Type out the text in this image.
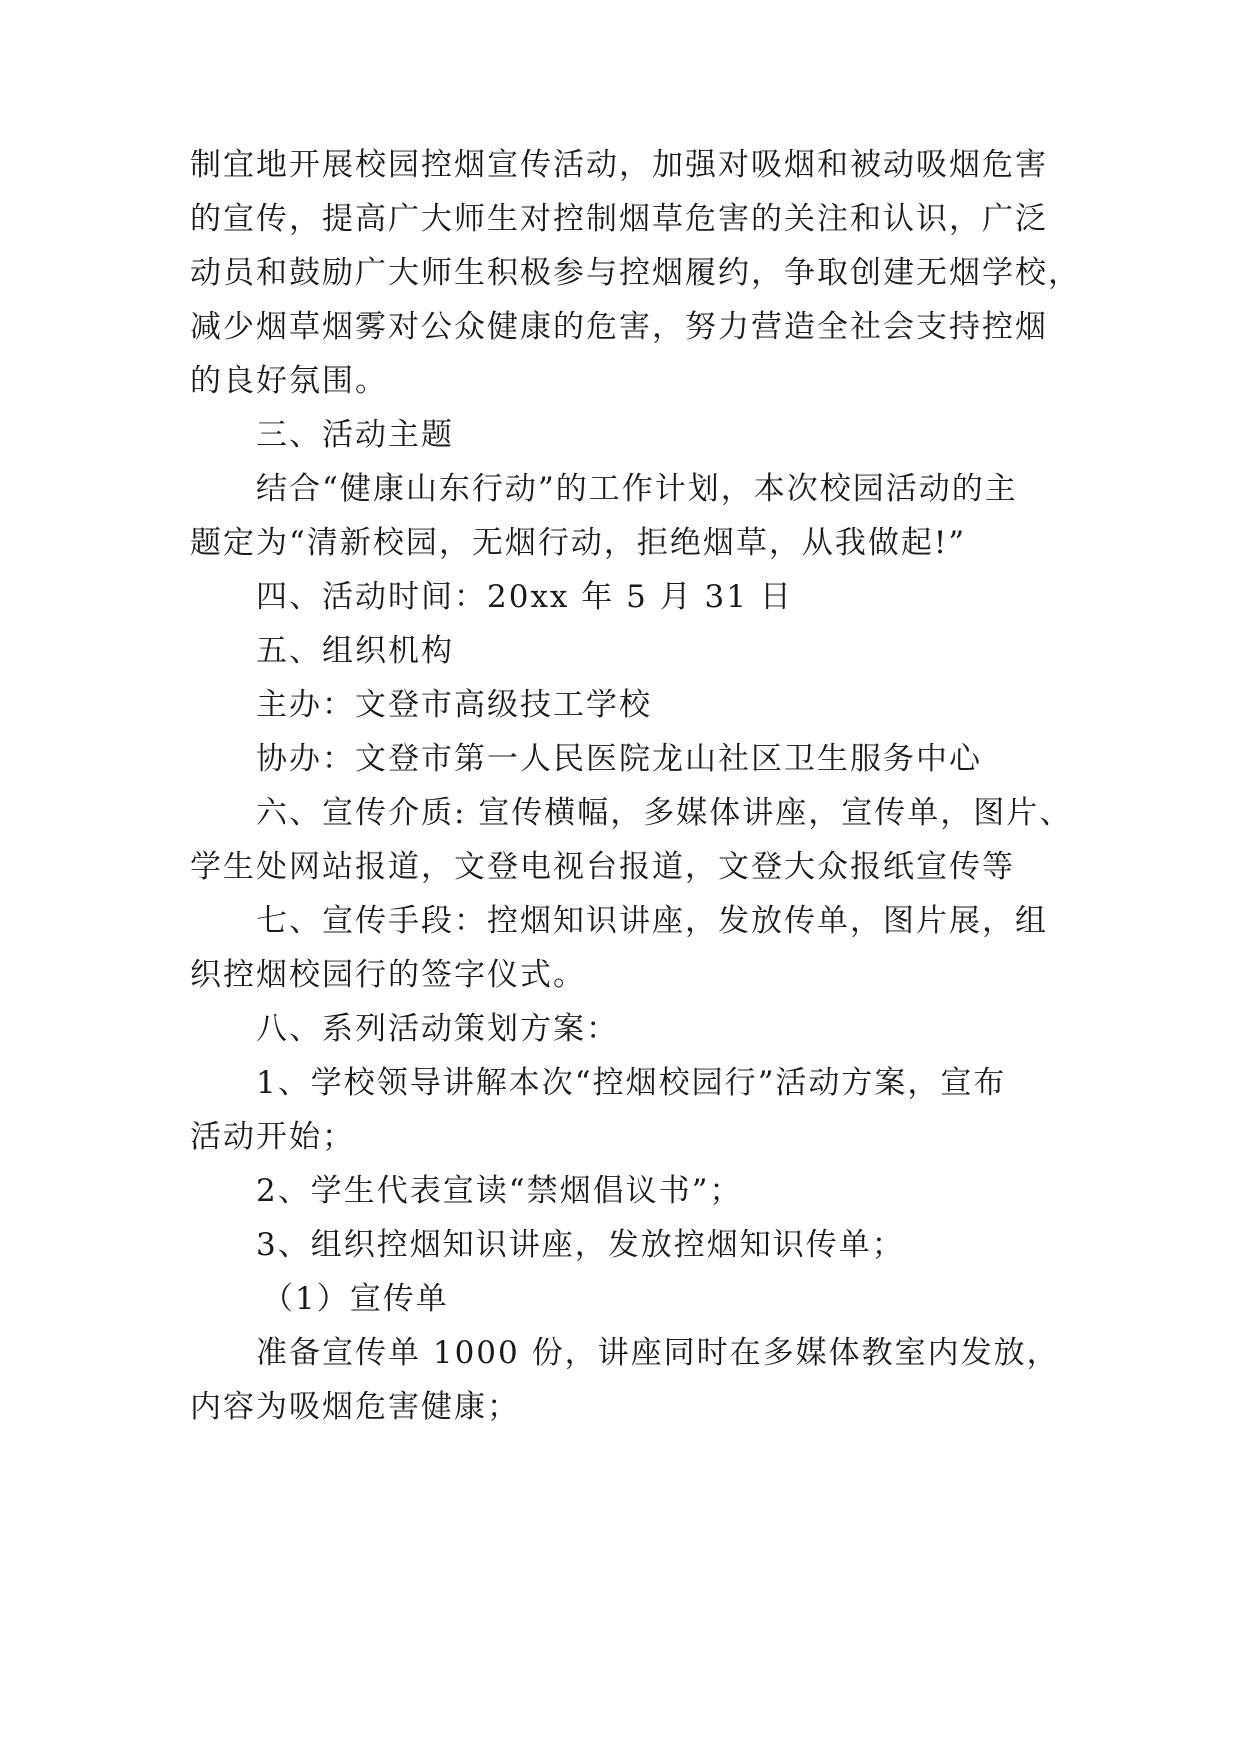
制宜地开展校园控烟宣传活动，加强对吸烟和被动吸烟危害
的宣传，提高广大师生对控制烟草危害的关注和认识，广泛
动员和鼓励广大师生积极参与控烟履约，争取创建无烟学校，
减少烟草烟雾对公众健康的危害，努力营造全社会支持控烟
的良好氛围。
三、活动主题
结合“健康山东行动”的工作计划，本次校园活动的主
题定为“清新校园，无烟行动，拒绝烟草，从我做起!”
四、活动时间：20xx 年 5 月 31 日
五、组织机构
主办：文登市高级技工学校
协办：文登市第一人民医院龙山社区卫生服务中心
六、宣传介质: 宣传横幅，多媒体讲座，宣传单，图片、
学生处网站报道，文登电视台报道，文登大众报纸宣传等
七、宣传手段：控烟知识讲座，发放传单，图片展，组
织控烟校园行的签字仪式。
八、系列活动策划方案：
1、学校领导讲解本次“控烟校园行”活动方案，宣布
活动开始；
2、学生代表宣读“禁烟倡议书”；
3、组织控烟知识讲座，发放控烟知识传单；
（1）宣传单
准备宣传单 1000 份，讲座同时在多媒体教室内发放，
内容为吸烟危害健康；
